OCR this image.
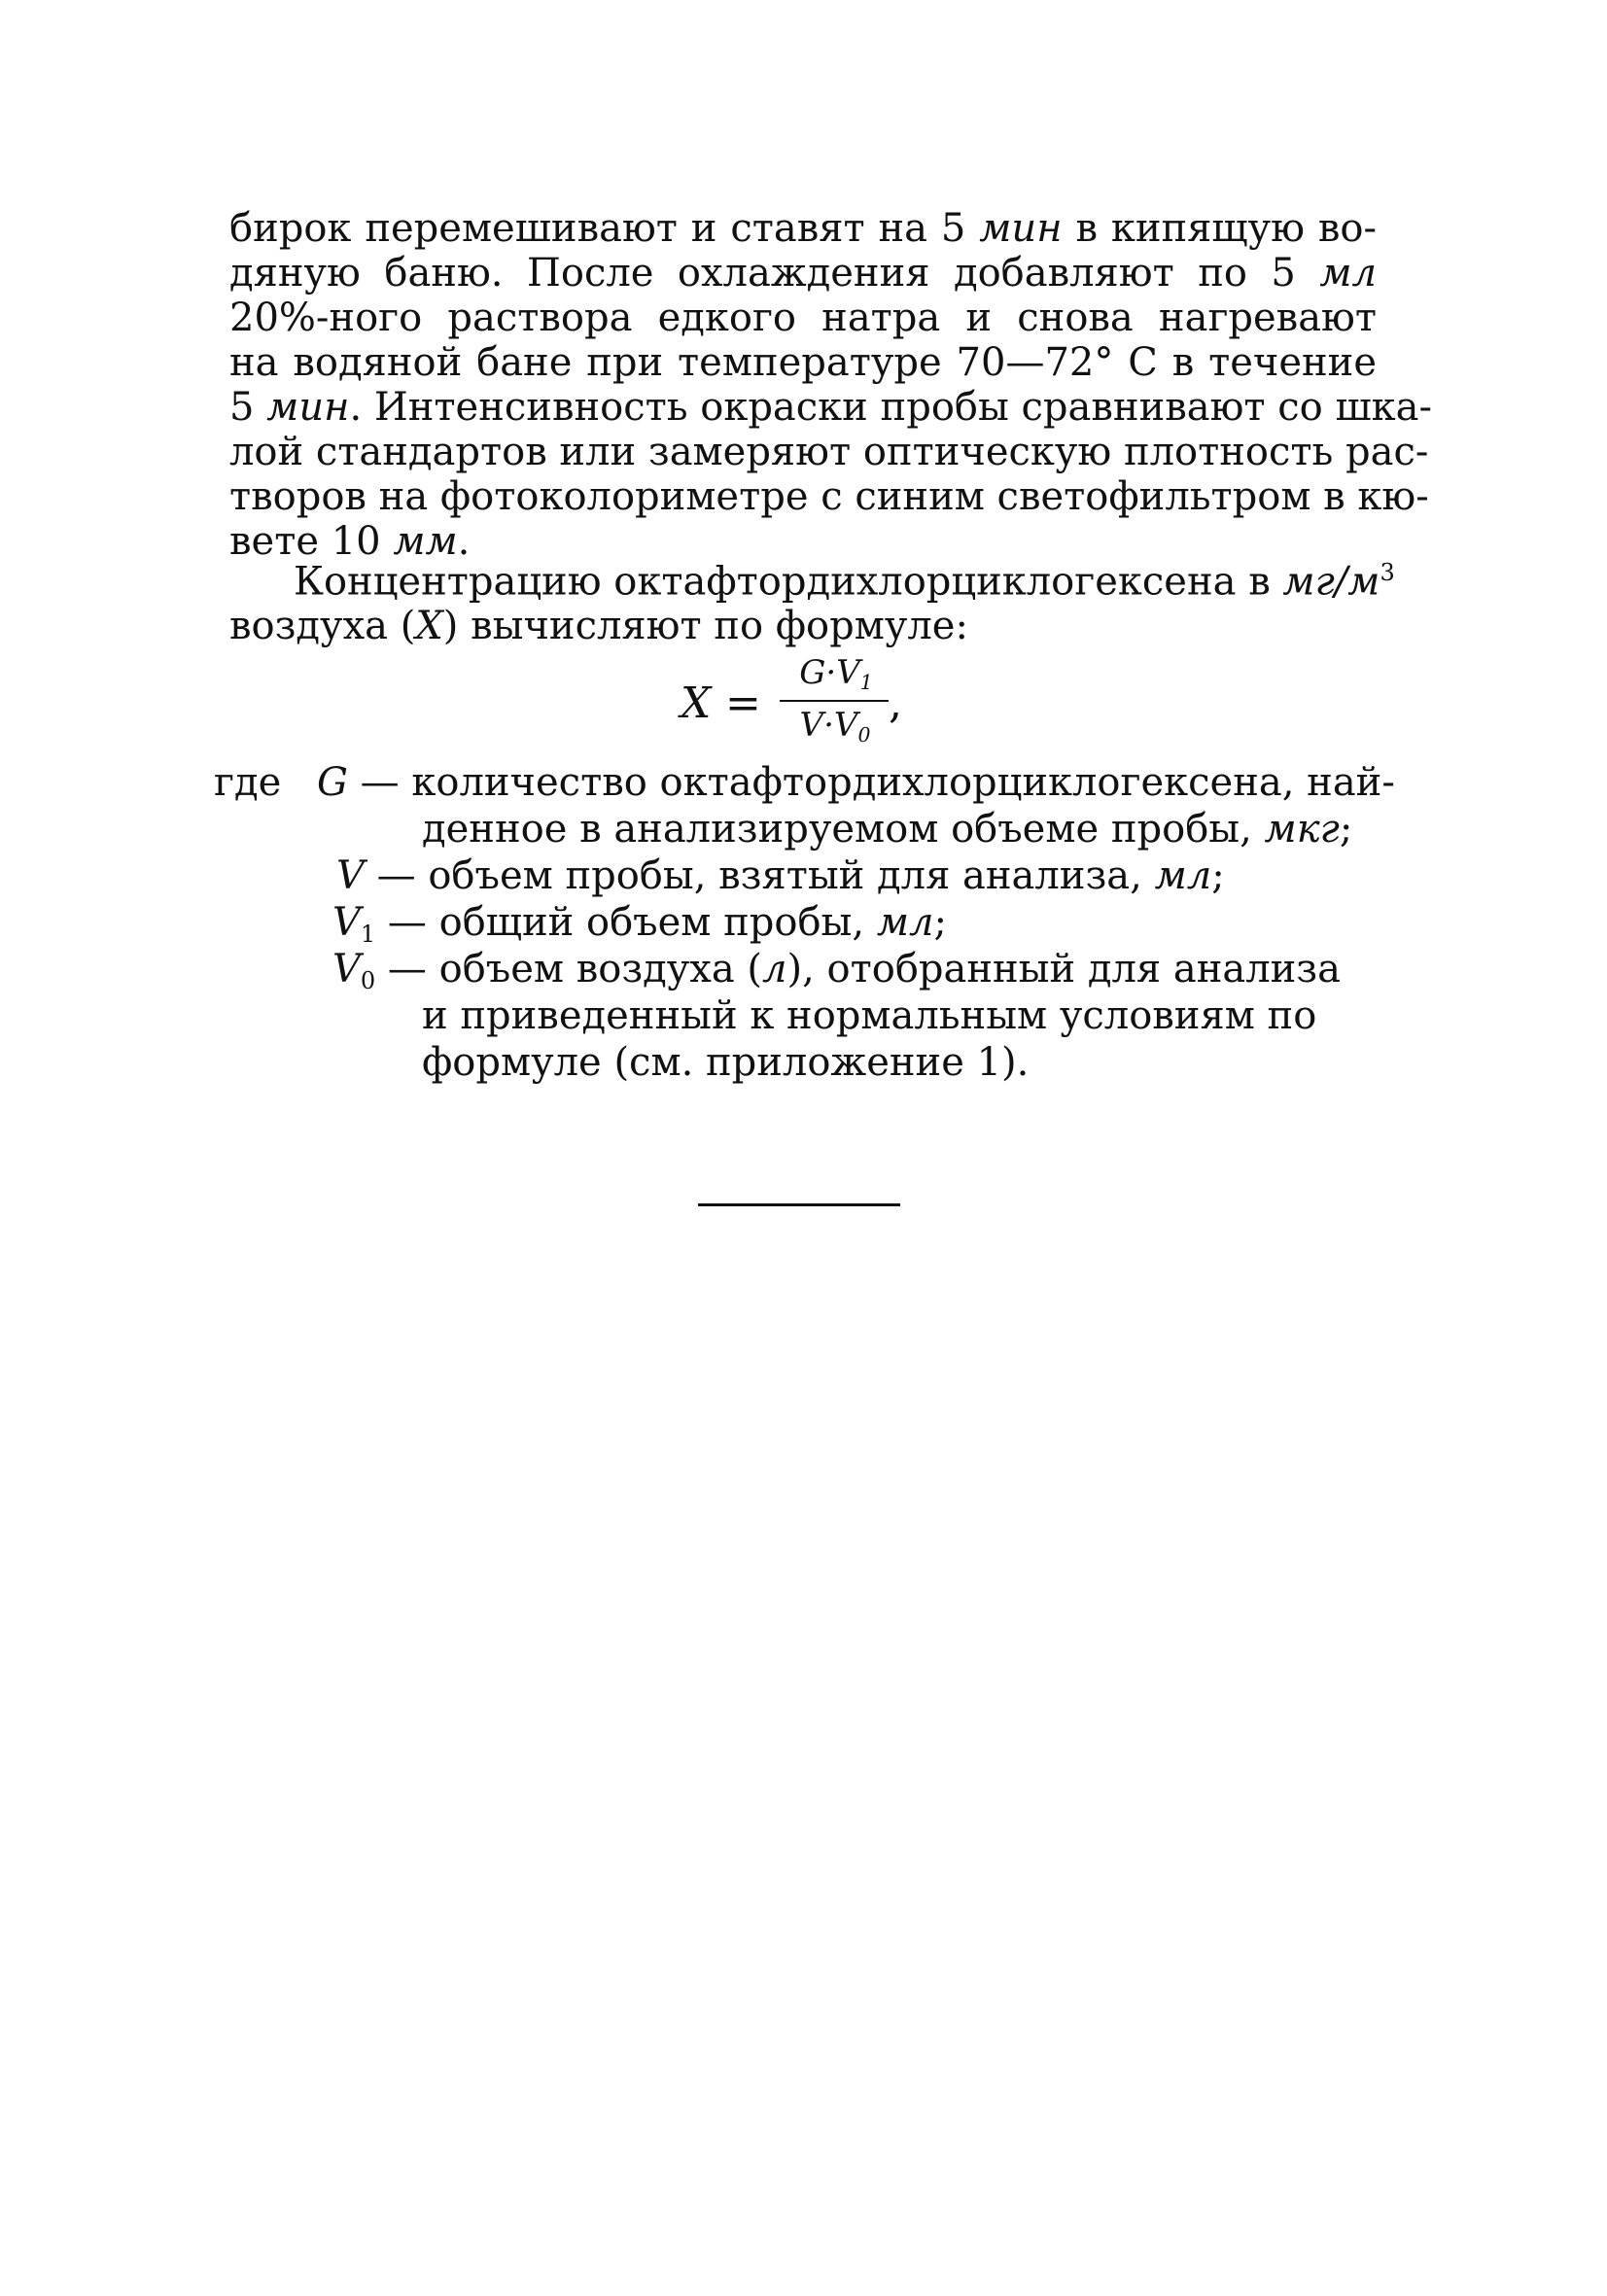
бирок перемешивают и ставят на 5 мин в кипящую во-
дяную баню. После охлаждения добавляют по 5 мл
20%-ного раствора едкого натра и снова нагревают
на водяной бане при температуре 70—72° С в течение
5 мин. Интенсивность окраски пробы сравнивают со шка-
лой стандартов или замеряют оптическую плотность рас-
творов на фотоколориметре с синим светофильтром в кю-
вете 10 мм.
Концентрацию октафтордихлорциклогексена в $мг/м^3$
воздуха (X) вычисляют по формуле:
X =
$G\cdot V_1$
$V\cdot V_0$
,
где G — количество октафтордихлорциклогексена, най-
денное в анализируемом объеме пробы, мкг;
V — объем пробы, взятый для анализа, мл;
$V_1$ — общий объем пробы, мл;
$V_0$ — объем воздуха (л), отобранный для анализа
и приведенный к нормальным условиям по
формуле (см. приложение 1).
